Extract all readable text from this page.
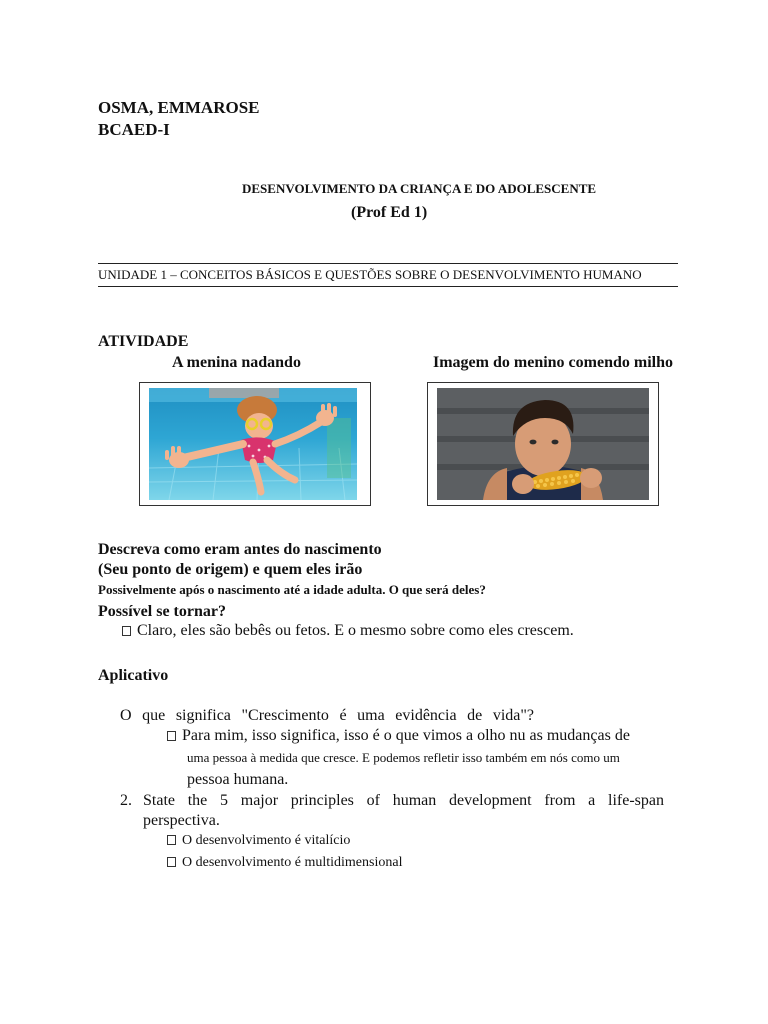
OSMA, EMMAROSE
BCAED-I
DESENVOLVIMENTO DA CRIANÇA E DO ADOLESCENTE
(Prof Ed 1)
UNIDADE 1 – CONCEITOS BÁSICOS E QUESTÕES SOBRE O DESENVOLVIMENTO HUMANO
ATIVIDADE
A menina nadando	Imagem do menino comendo milho
Descreva como eram antes do nascimento
(Seu ponto de origem) e quem eles irão
Possivelmente após o nascimento até a idade adulta. O que será deles?
Possível se tornar?
Claro, eles são bebês ou fetos. E o mesmo sobre como eles crescem.
Aplicativo
O que significa "Crescimento é uma evidência de vida"?
Para mim, isso significa, isso é o que vimos a olho nu as mudanças de
uma pessoa à medida que cresce. E podemos refletir isso também em nós como um
pessoa humana.
2. State the 5 major principles of human development from a life-span
perspectiva.
O desenvolvimento é vitalício
O desenvolvimento é multidimensional
